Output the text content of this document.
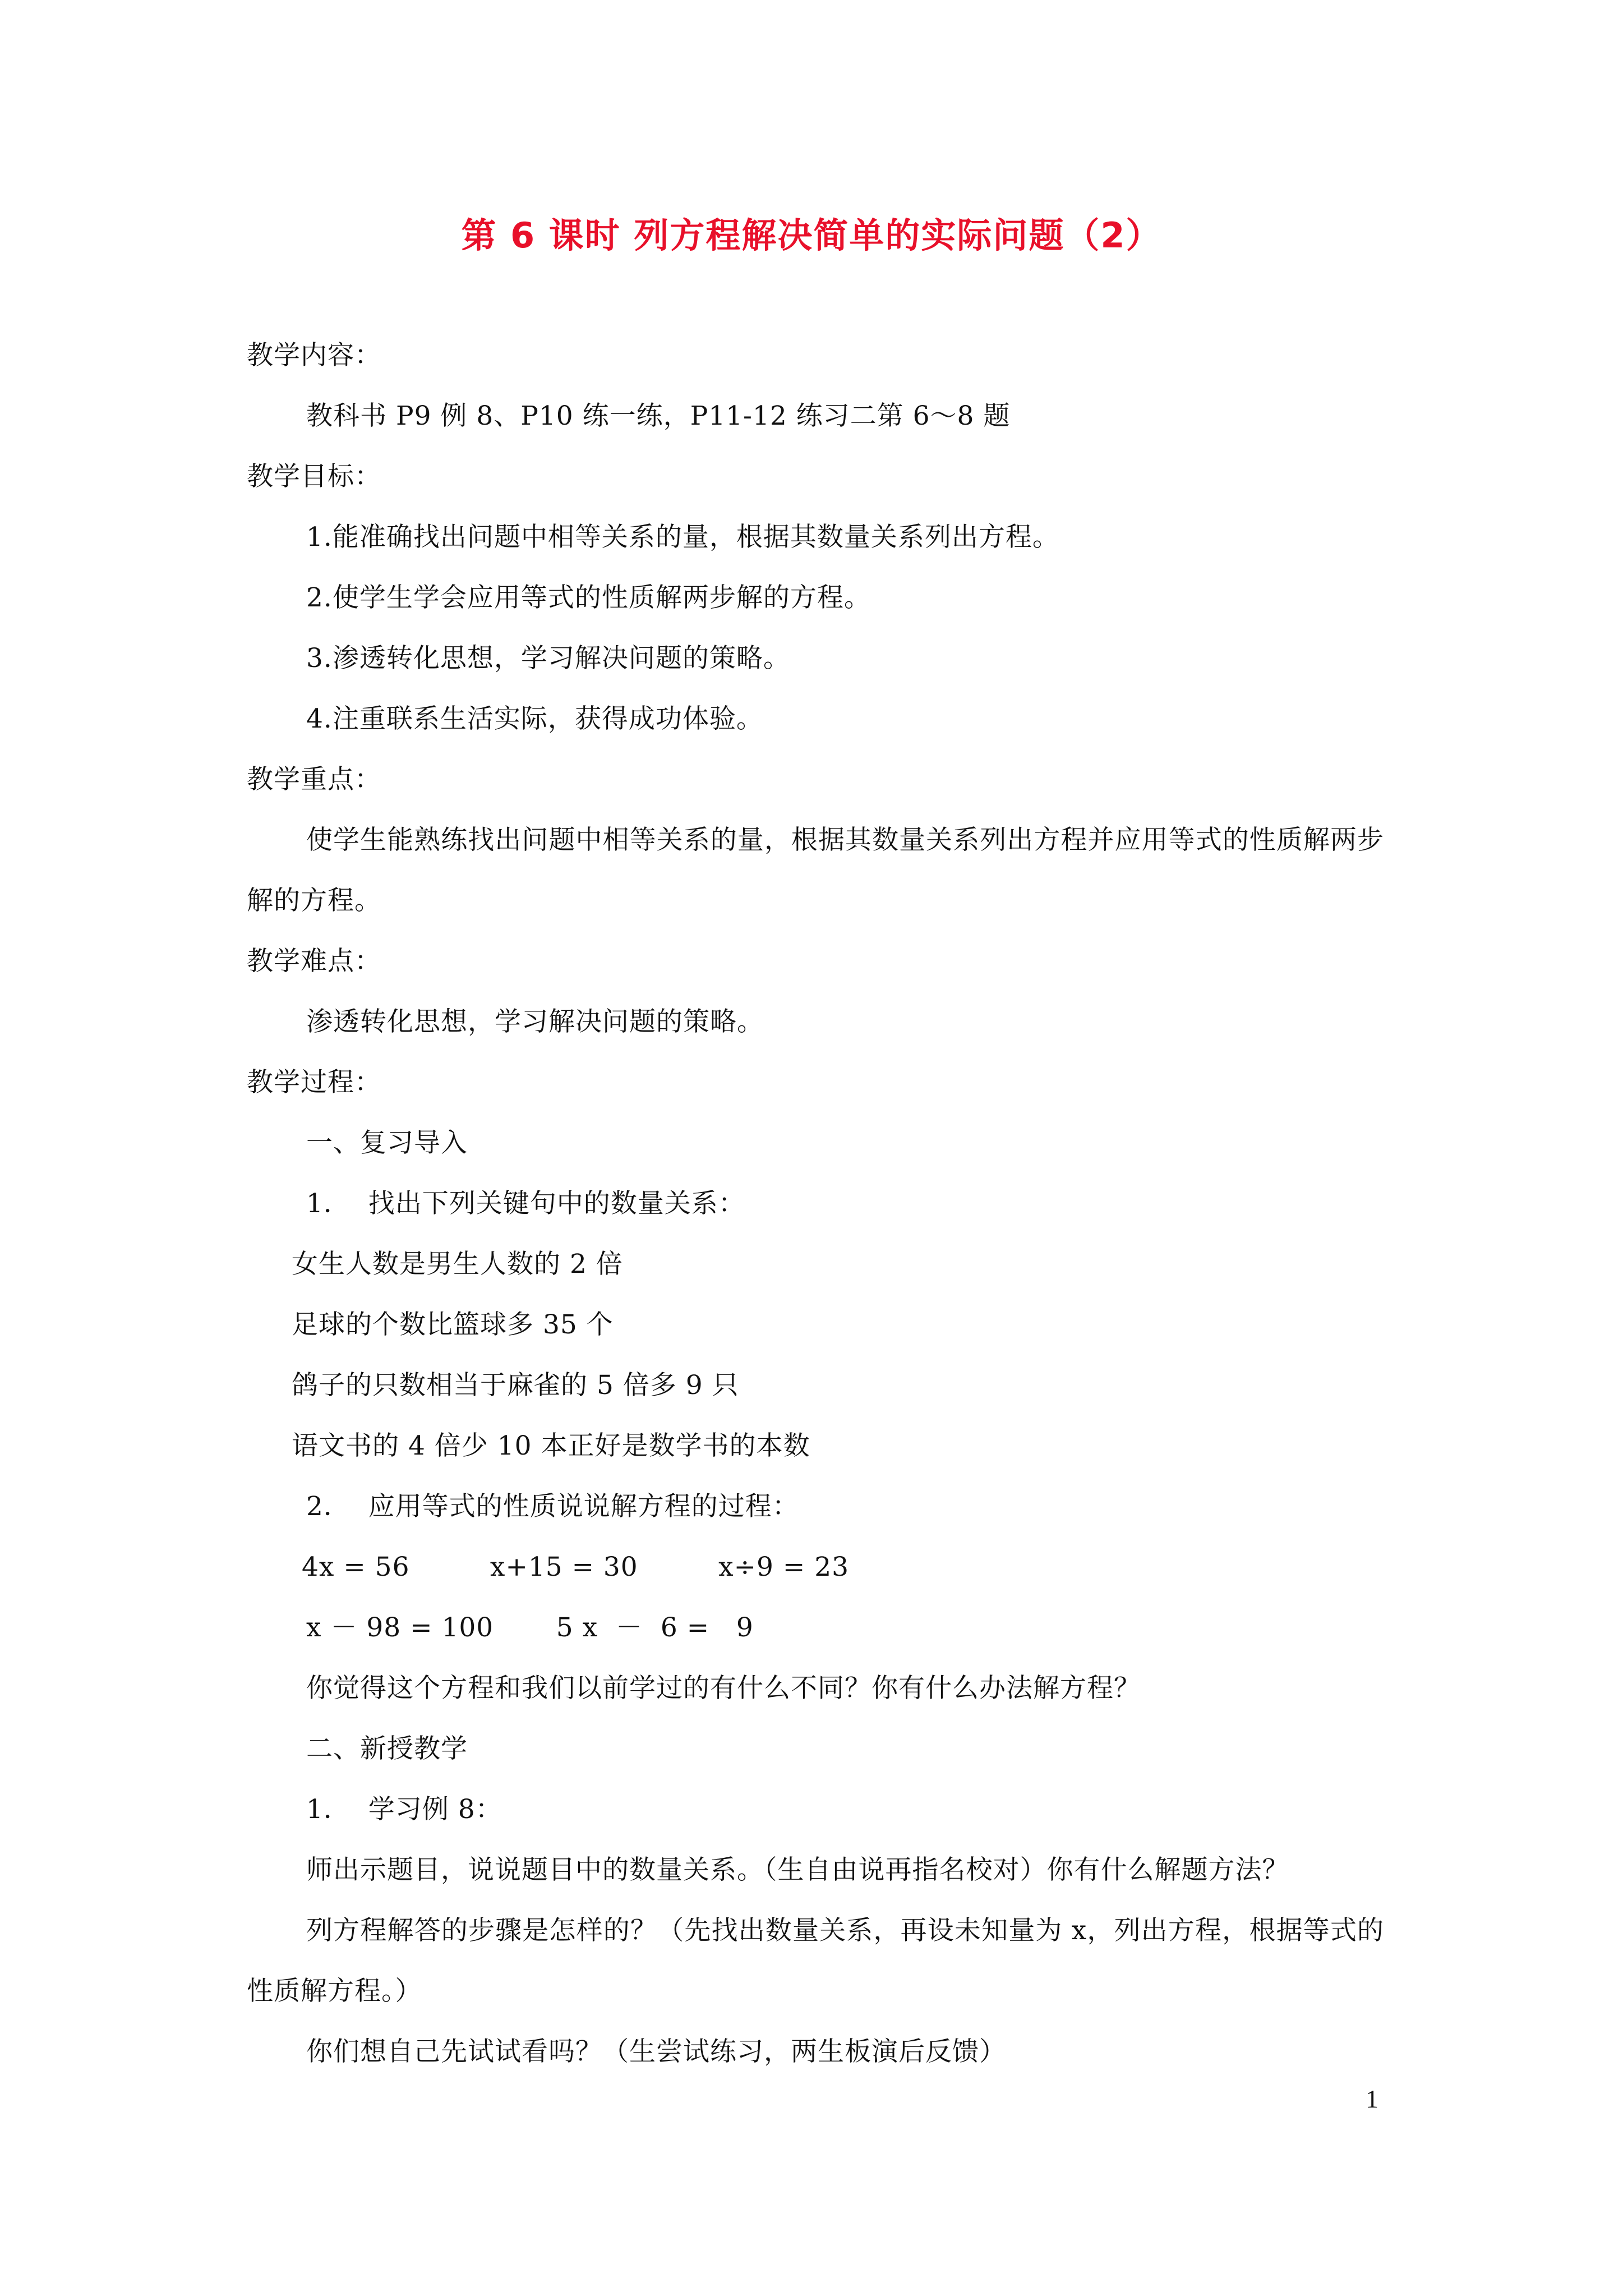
第 6 课时 列方程解决简单的实际问题（2）
教学内容：
教科书 P9 例 8、P10 练一练，P11-12 练习二第 6～8 题
教学目标：
1.能准确找出问题中相等关系的量，根据其数量关系列出方程。
2.使学生学会应用等式的性质解两步解的方程。
3.渗透转化思想，学习解决问题的策略。
4.注重联系生活实际，获得成功体验。
教学重点：
使学生能熟练找出问题中相等关系的量，根据其数量关系列出方程并应用等式的性质解两步解的方程。
教学难点：
渗透转化思想，学习解决问题的策略。
教学过程：
一、复习导入
1．  找出下列关键句中的数量关系：
女生人数是男生人数的 2 倍
足球的个数比篮球多 35 个
鸽子的只数相当于麻雀的 5 倍多 9 只
语文书的 4 倍少 10 本正好是数学书的本数
2．  应用等式的性质说说解方程的过程：
4x = 56         x+15 = 30         x÷9 = 23
x － 98 = 100       5 x  －  6 =   9
你觉得这个方程和我们以前学过的有什么不同？你有什么办法解方程？
二、新授教学
1．  学习例 8：
师出示题目，说说题目中的数量关系。（生自由说再指名校对）你有什么解题方法？
列方程解答的步骤是怎样的？（先找出数量关系，再设未知量为 x，列出方程，根据等式的性质解方程。）
你们想自己先试试看吗？（生尝试练习，两生板演后反馈）
1
